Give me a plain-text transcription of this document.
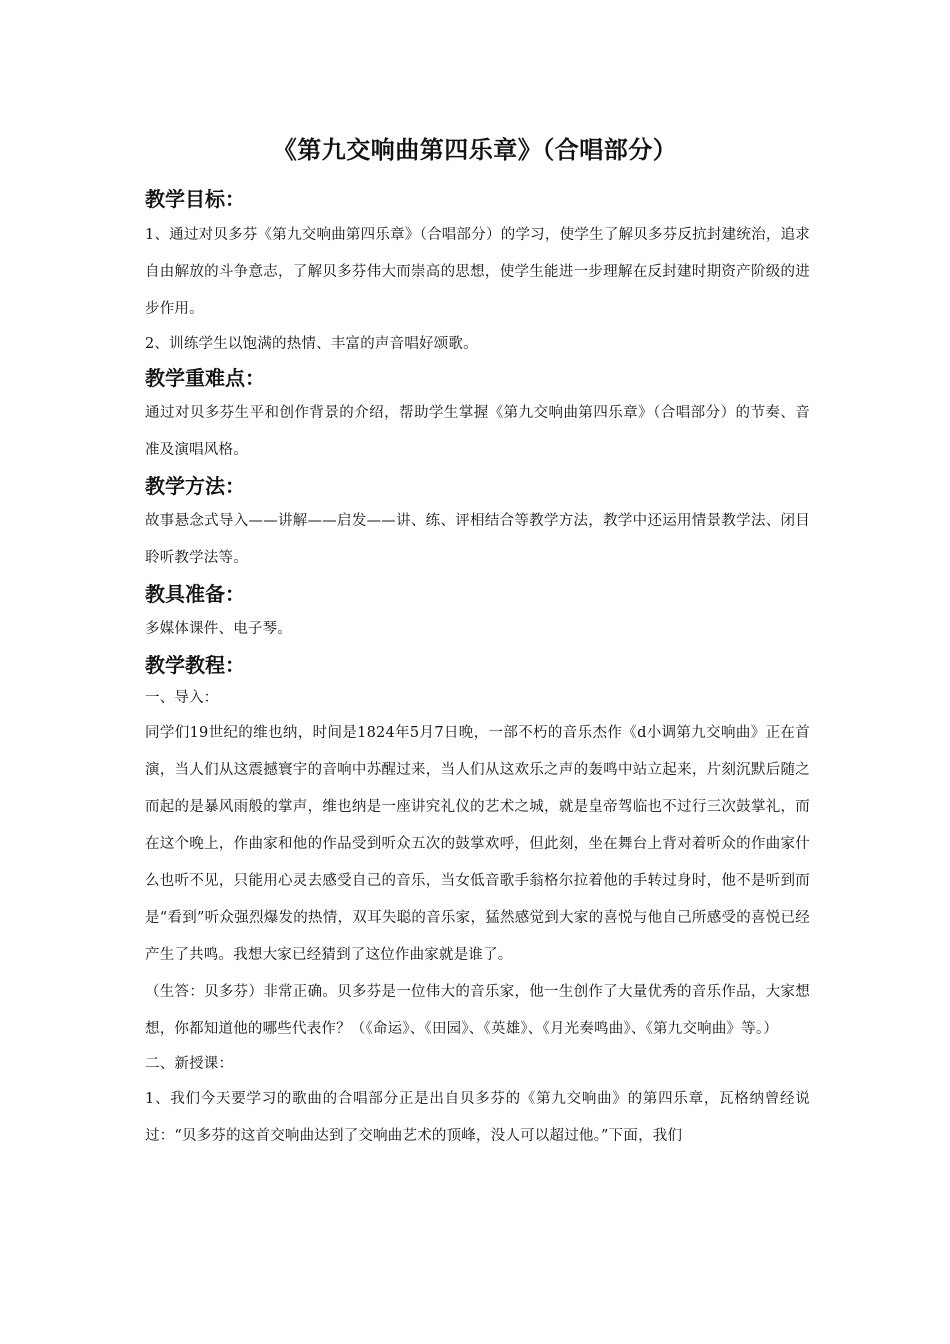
《第九交响曲第四乐章》（合唱部分）
教学目标：

1、通过对贝多芬《第九交响曲第四乐章》（合唱部分）的学习，使学生了解贝多芬反抗封建统治，追求自由解放的斗争意志，了解贝多芬伟大而崇高的思想，使学生能进一步理解在反封建时期资产阶级的进步作用。

2、训练学生以饱满的热情、丰富的声音唱好颂歌。

教学重难点：

通过对贝多芬生平和创作背景的介绍，帮助学生掌握《第九交响曲第四乐章》（合唱部分）的节奏、音准及演唱风格。

教学方法：

故事悬念式导入——讲解——启发——讲、练、评相结合等教学方法，教学中还运用情景教学法、闭目聆听教学法等。

教具准备：

多媒体课件、电子琴。

教学教程：

一、导入：

同学们19世纪的维也纳，时间是1824年5月7日晚，一部不朽的音乐杰作《d小调第九交响曲》正在首演，当人们从这震撼寰宇的音响中苏醒过来，当人们从这欢乐之声的轰鸣中站立起来，片刻沉默后随之而起的是暴风雨般的掌声，维也纳是一座讲究礼仪的艺术之城，就是皇帝驾临也不过行三次鼓掌礼，而在这个晚上，作曲家和他的作品受到听众五次的鼓掌欢呼，但此刻，坐在舞台上背对着听众的作曲家什么也听不见，只能用心灵去感受自己的音乐，当女低音歌手翁格尔拉着他的手转过身时，他不是听到而是“看到”听众强烈爆发的热情，双耳失聪的音乐家，猛然感觉到大家的喜悦与他自己所感受的喜悦已经产生了共鸣。我想大家已经猜到了这位作曲家就是谁了。

（生答：贝多芬）非常正确。贝多芬是一位伟大的音乐家，他一生创作了大量优秀的音乐作品，大家想想，你都知道他的哪些代表作？（《命运》、《田园》、《英雄》、《月光奏鸣曲》、《第九交响曲》等。）

二、新授课：

1、我们今天要学习的歌曲的合唱部分正是出自贝多芬的《第九交响曲》的第四乐章，瓦格纳曾经说过：“贝多芬的这首交响曲达到了交响曲艺术的顶峰，没人可以超过他。”下面，我们
